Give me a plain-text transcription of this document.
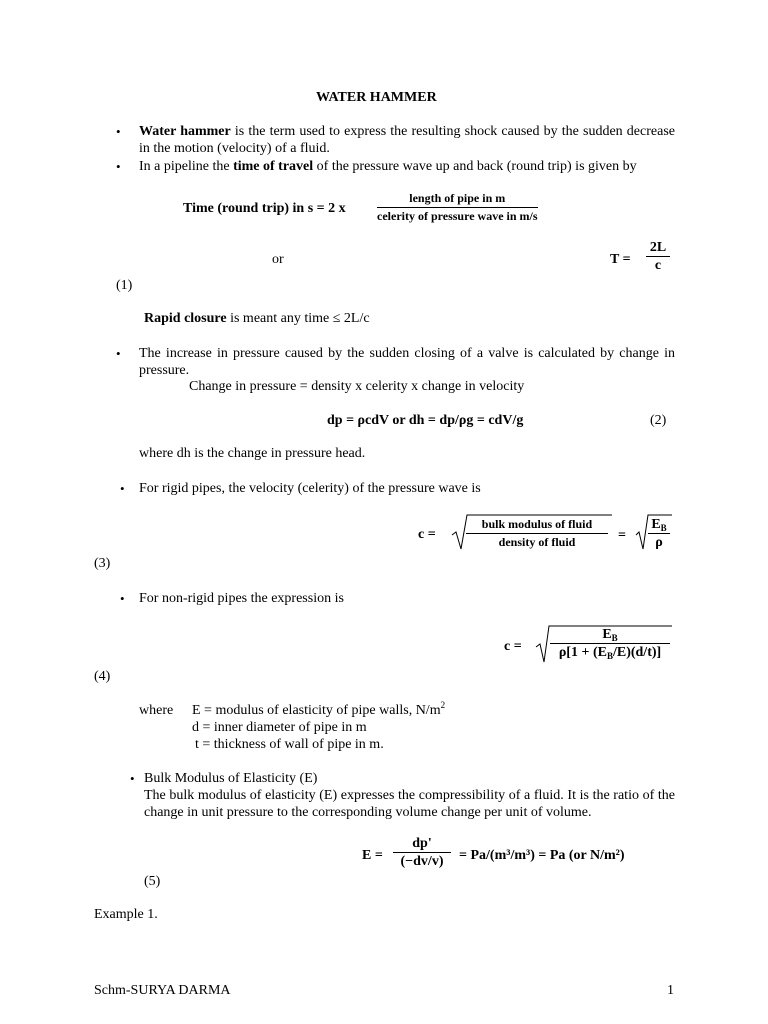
WATER HAMMER
• Water hammer is the term used to express the resulting shock caused by the sudden decrease in the motion (velocity) of a fluid.
• In a pipeline the time of travel of the pressure wave up and back (round trip) is given by
Time (round trip) in s = 2 x
length of pipe in m
celerity of pressure wave in m/s
or	T =
2L
c
(1)
Rapid closure is meant any time ≤ 2L/c
• The increase in pressure caused by the sudden closing of a valve is calculated by change in pressure.
Change in pressure = density x celerity x change in velocity
dp = ρcdV or dh = dp/ρg = cdV/g	(2)
where dh is the change in pressure head.
• For rigid pipes, the velocity (celerity) of the pressure wave is
c =
bulk modulus of fluid
density of fluid	=
$E_B$
ρ
(3)
• For non-rigid pipes the expression is
c =
$E_B$
$\rho[1 + (E_B/E)(d/t)]$
(4)
where E = modulus of elasticity of pipe walls, $N/m^2$
d = inner diameter of pipe in m
t = thickness of wall of pipe in m.
• Bulk Modulus of Elasticity (E)
The bulk modulus of elasticity (E) expresses the compressibility of a fluid. It is the ratio of the change in unit pressure to the corresponding volume change per unit of volume.
E =
dp'
(−dv/v) = Pa/(m³/m³) = Pa (or N/m²)
(5)
Example 1.
Schm-SURYA DARMA	1
